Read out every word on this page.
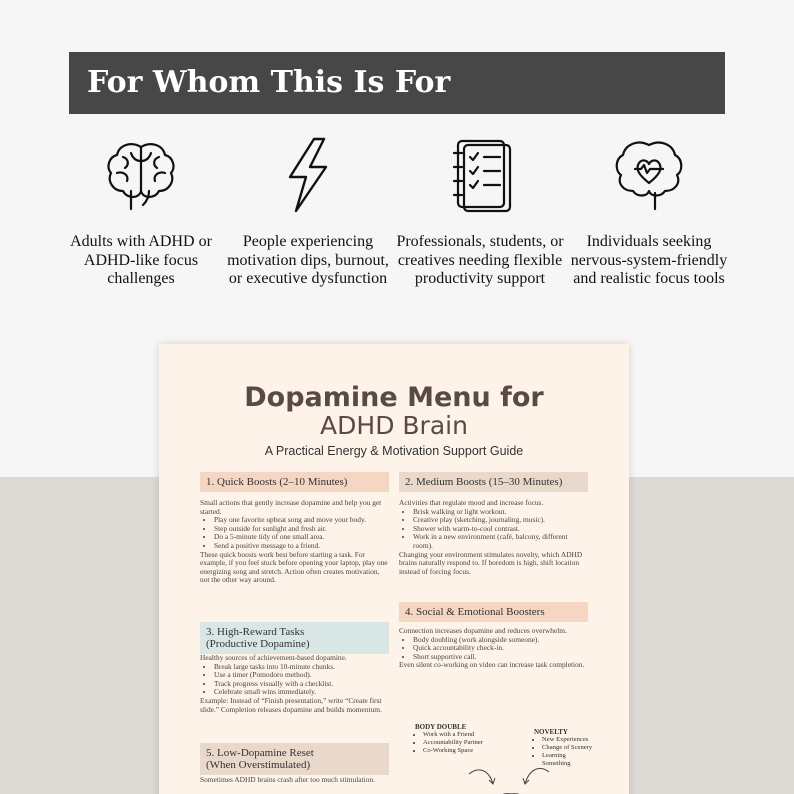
For Whom This Is For
Adults with ADHD or ADHD-like focus challenges
People experiencing motivation dips, burnout, or executive dysfunction
Professionals, students, or creatives needing flexible productivity support
Individuals seeking nervous-system-friendly and realistic focus tools
Dopamine Menu for
ADHD Brain
A Practical Energy & Motivation Support Guide
1. Quick Boosts (2–10 Minutes)
Small actions that gently increase dopamine and help you get started.
• Play one favorite upbeat song and move your body.
• Step outside for sunlight and fresh air.
• Do a 5-minute tidy of one small area.
• Send a positive message to a friend.
These quick boosts work best before starting a task. For example, if you feel stuck before opening your laptop, play one energizing song and stretch. Action often creates motivation, not the other way around.
2. Medium Boosts (15–30 Minutes)
Activities that regulate mood and increase focus.
• Brisk walking or light workout.
• Creative play (sketching, journaling, music).
• Shower with warm-to-cool contrast.
• Work in a new environment (café, balcony, different room).
Changing your environment stimulates novelty, which ADHD brains naturally respond to. If boredom is high, shift location instead of forcing focus.
3. High-Reward Tasks
(Productive Dopamine)
Healthy sources of achievement-based dopamine.
• Break large tasks into 10-minute chunks.
• Use a timer (Pomodoro method).
• Track progress visually with a checklist.
• Celebrate small wins immediately.
Example: Instead of “Finish presentation,” write “Create first slide.” Completion releases dopamine and builds momentum.
4. Social & Emotional Boosters
Connection increases dopamine and reduces overwhelm.
• Body doubling (work alongside someone).
• Quick accountability check-in.
• Short supportive call.
Even silent co-working on video can increase task completion.
5. Low-Dopamine Reset
(When Overstimulated)
Sometimes ADHD brains crash after too much stimulation.
BODY DOUBLE
• Work with a Friend
• Accountability Partner
• Co-Working Space
NOVELTY
• New Experiences
• Change of Scenery
• Learning Something
